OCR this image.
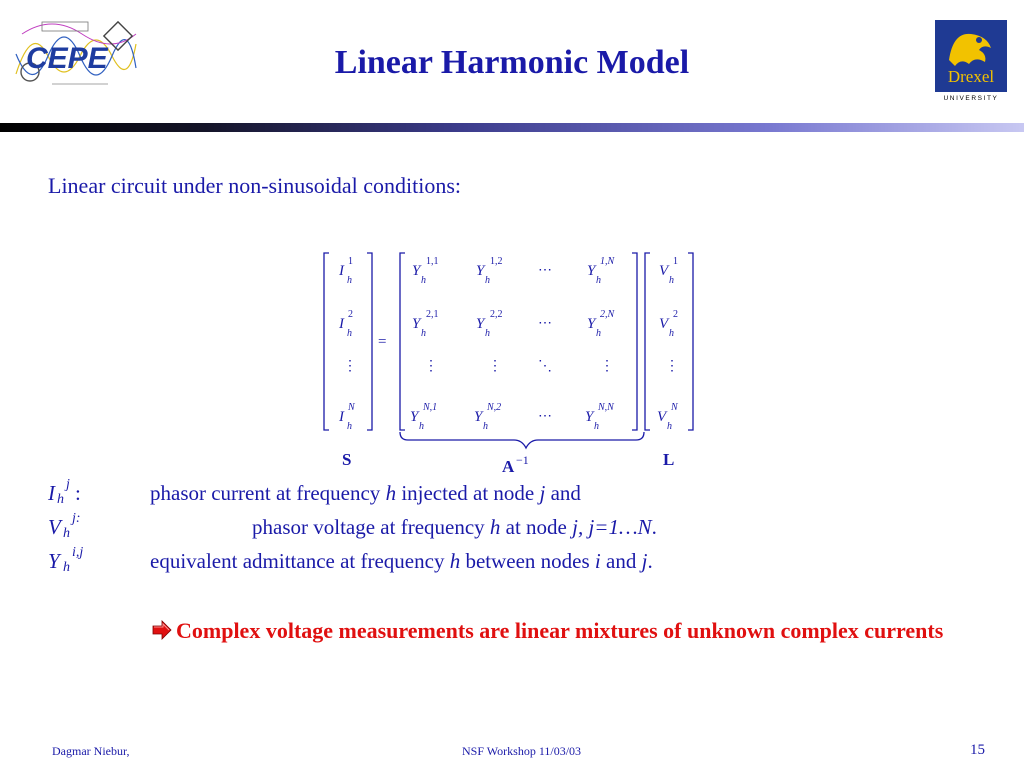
CEPE	Linear Harmonic Model	Drexel
UNIVERSITY
Linear circuit under non-sinusoidal conditions:
I
1
h
I
2
h
⋮
I
N
h
=
Y
1,1
h
Y
1,2
h
⋯ Y
1,N
h
Y
2,1
h
Y
2,2
h
⋯ Y
2,N
h
⋮	⋮	⋱	⋮
Y
N,1
h
Y
N,2
h
⋯ Y
N,N
h
V
1
h
V
2
h
⋮
V
N
h
S	A −1	L
I h
j :	phasor current at frequency h injected at node j and
V h
j:	phasor voltage at frequency h at node j, j=1…N.
Y h
i,j	equivalent admittance at frequency h between nodes i and j.
Complex voltage measurements are linear mixtures of unknown complex currents
Dagmar Niebur,	NSF Workshop 11/03/03	15
